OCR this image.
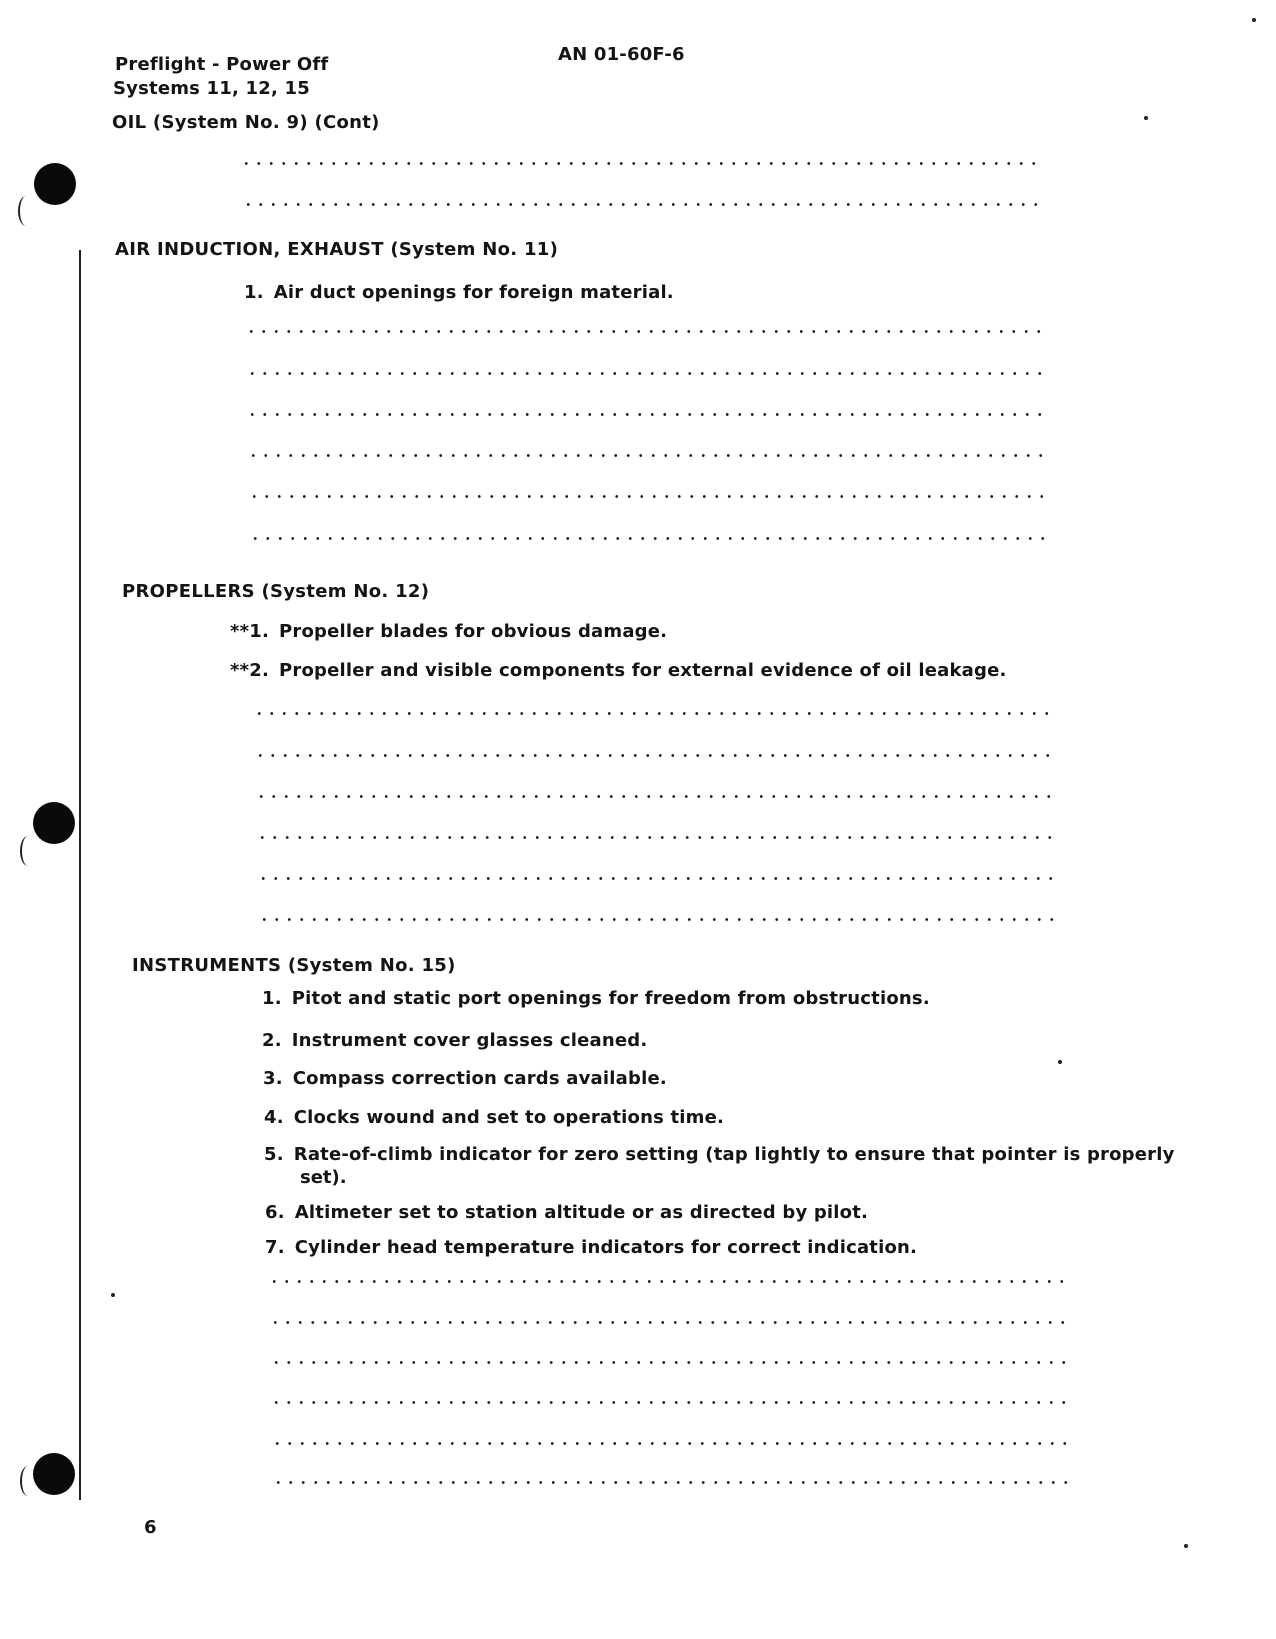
Preflight - Power Off
Systems 11, 12, 15
AN 01-60F-6
OIL (System No. 9) (Cont)
AIR INDUCTION, EXHAUST (System No. 11)
1. Air duct openings for foreign material.
PROPELLERS (System No. 12)
**1. Propeller blades for obvious damage.
**2. Propeller and visible components for external evidence of oil leakage.
INSTRUMENTS (System No. 15)
1. Pitot and static port openings for freedom from obstructions.
2. Instrument cover glasses cleaned.
3. Compass correction cards available.
4. Clocks wound and set to operations time.
5. Rate-of-climb indicator for zero setting (tap lightly to ensure that pointer is properly
set).
6. Altimeter set to station altitude or as directed by pilot.
7. Cylinder head temperature indicators for correct indication.
6
